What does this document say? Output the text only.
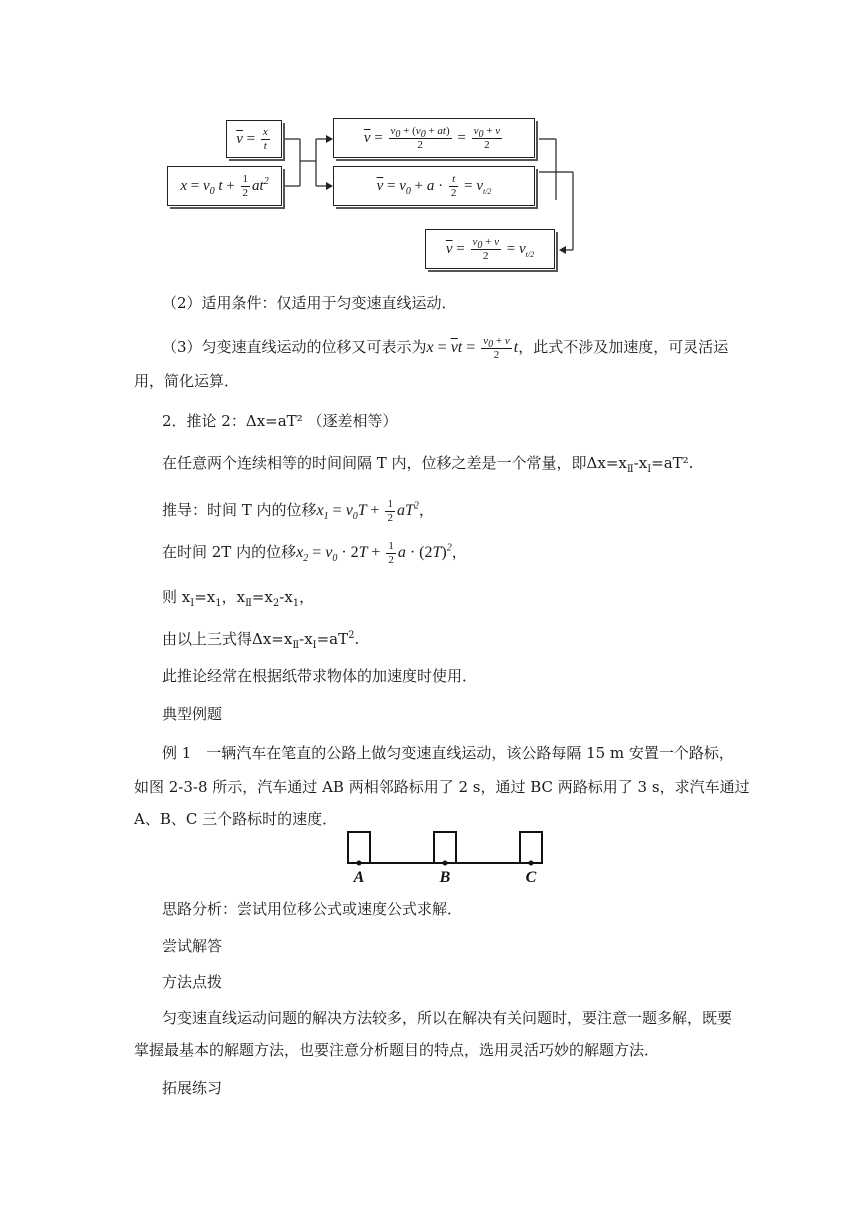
$\overline{v} = \frac{x}{t}$
$x = v_0$ $t + \frac{1}{2} at^2$
$\overline{v} = \frac{v_0 + (v_0 + at)}{2} = \frac{v_0 + v}{2}$
$\overline{v} = v_0 + a \cdot \frac{t}{2} = v_{t/2}$
$\overline{v} = \frac{v_0 + v}{2} = v_{t/2}$
（2）适用条件：仅适用于匀变速直线运动．
（3）匀变速直线运动的位移又可表示为$x = \overline{v}t = \frac{v_0 + v}{2}$ t，此式不涉及加速度，可灵活运
用，简化运算．
2．推论 2：Δx=aT² （逐差相等）
在任意两个连续相等的时间间隔 T 内，位移之差是一个常量，即$\Delta x=x_Ⅱ-x_Ⅰ=aT^2$.
推导：时间 T 内的位移$x_1 = v_0T + \frac{1}{2} aT^2$，
在时间 2T 内的位移$x_2 = v_0 \cdot 2T + \frac{1}{2}$ $a \cdot (2T)^2$，
则 $x_Ⅰ=x_1$，$x_Ⅱ=x_2-x_1$，
由以上三式得$\Delta x=x_Ⅱ-x_Ⅰ=aT^2$.
此推论经常在根据纸带求物体的加速度时使用．
典型例题
例 1　一辆汽车在笔直的公路上做匀变速直线运动，该公路每隔 15 m 安置一个路标，
如图 2-3-8 所示，汽车通过 AB 两相邻路标用了 2 s，通过 BC 两路标用了 3 s，求汽车通过
A、B、C 三个路标时的速度．
A	B	C
思路分析：尝试用位移公式或速度公式求解．
尝试解答
方法点拨
匀变速直线运动问题的解决方法较多，所以在解决有关问题时，要注意一题多解，既要
掌握最基本的解题方法，也要注意分析题目的特点，选用灵活巧妙的解题方法．
拓展练习
